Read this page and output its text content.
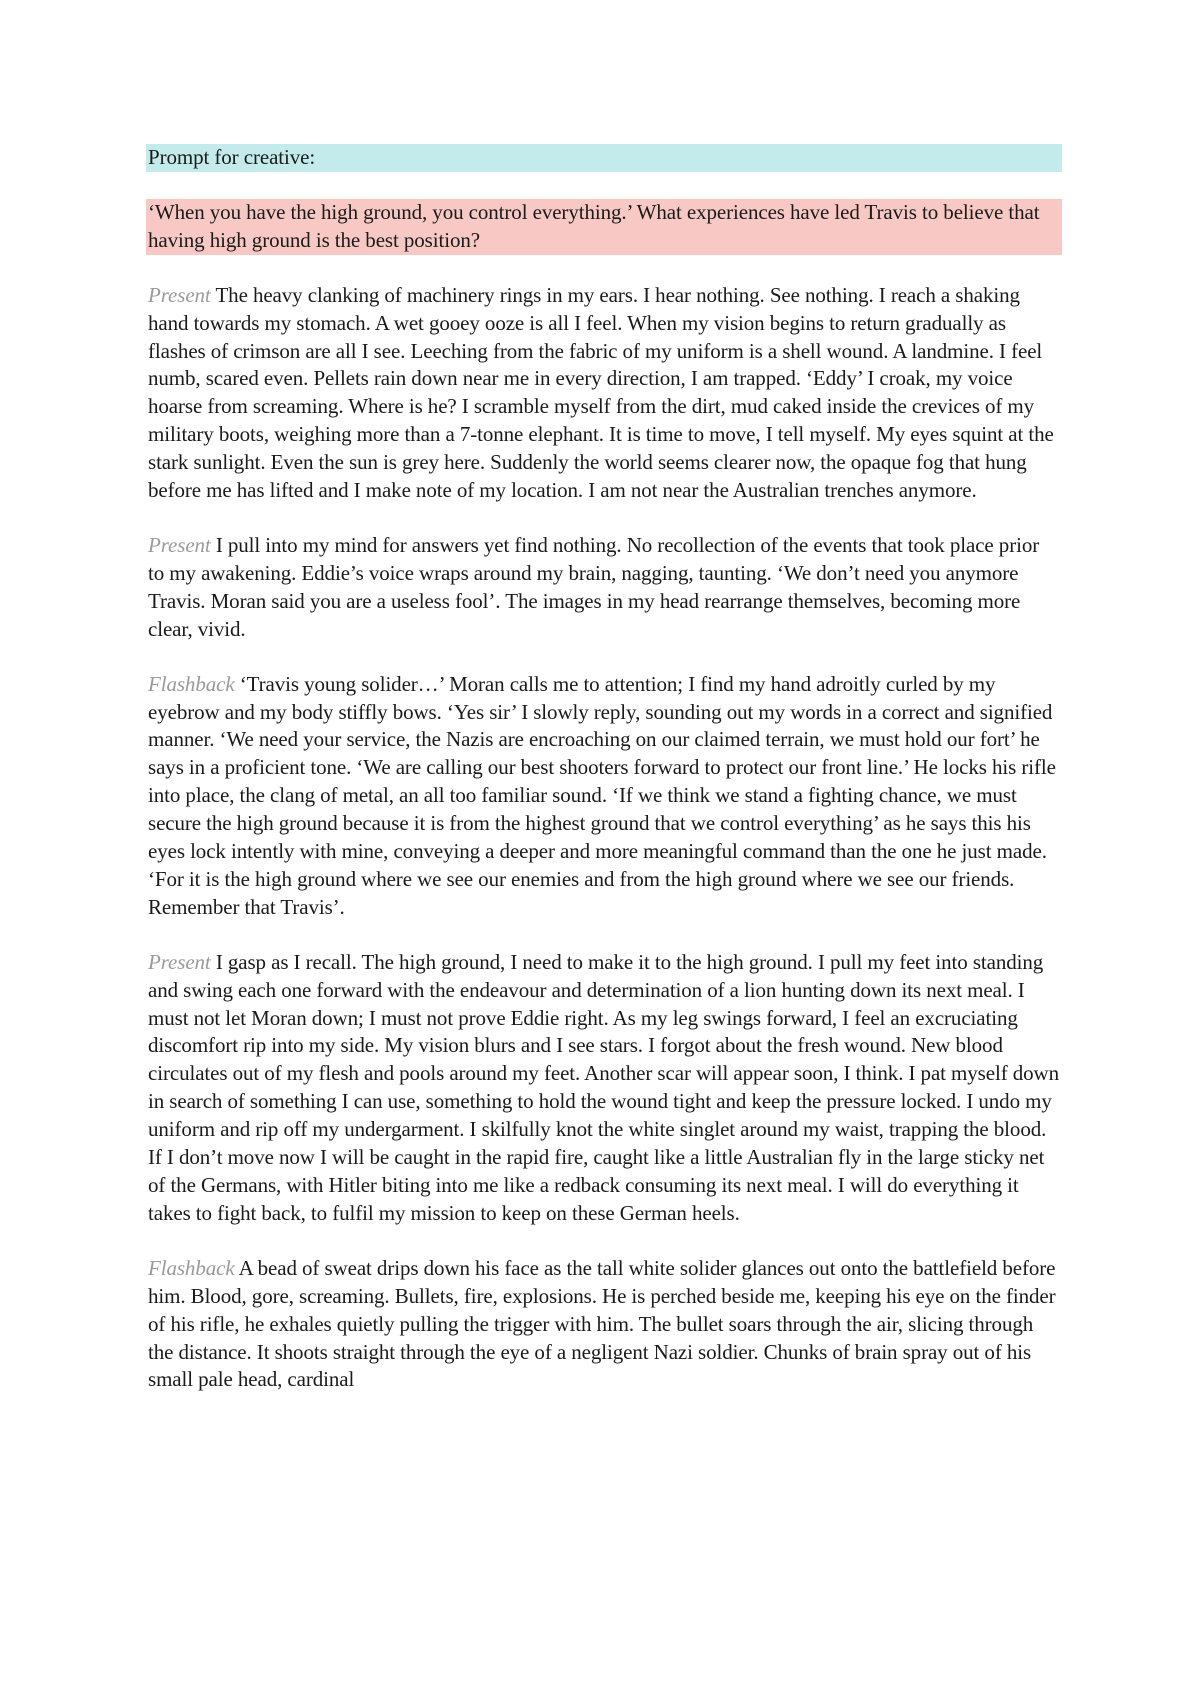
Prompt for creative:

‘When you have the high ground, you control everything.’ What experiences have led Travis to believe that having high ground is the best position?

Present The heavy clanking of machinery rings in my ears. I hear nothing. See nothing. I reach a shaking hand towards my stomach. A wet gooey ooze is all I feel. When my vision begins to return gradually as flashes of crimson are all I see. Leeching from the fabric of my uniform is a shell wound. A landmine. I feel numb, scared even. Pellets rain down near me in every direction, I am trapped. ‘Eddy’ I croak, my voice hoarse from screaming. Where is he? I scramble myself from the dirt, mud caked inside the crevices of my military boots, weighing more than a 7-tonne elephant. It is time to move, I tell myself. My eyes squint at the stark sunlight. Even the sun is grey here. Suddenly the world seems clearer now, the opaque fog that hung before me has lifted and I make note of my location. I am not near the Australian trenches anymore.

Present I pull into my mind for answers yet find nothing. No recollection of the events that took place prior to my awakening. Eddie’s voice wraps around my brain, nagging, taunting. ‘We don’t need you anymore Travis. Moran said you are a useless fool’. The images in my head rearrange themselves, becoming more clear, vivid.

Flashback ‘Travis young solider…’ Moran calls me to attention; I find my hand adroitly curled by my eyebrow and my body stiffly bows. ‘Yes sir’ I slowly reply, sounding out my words in a correct and signified manner. ‘We need your service, the Nazis are encroaching on our claimed terrain, we must hold our fort’ he says in a proficient tone. ‘We are calling our best shooters forward to protect our front line.’ He locks his rifle into place, the clang of metal, an all too familiar sound. ‘If we think we stand a fighting chance, we must secure the high ground because it is from the highest ground that we control everything’ as he says this his eyes lock intently with mine, conveying a deeper and more meaningful command than the one he just made. ‘For it is the high ground where we see our enemies and from the high ground where we see our friends. Remember that Travis’.

Present I gasp as I recall. The high ground, I need to make it to the high ground. I pull my feet into standing and swing each one forward with the endeavour and determination of a lion hunting down its next meal. I must not let Moran down; I must not prove Eddie right. As my leg swings forward, I feel an excruciating discomfort rip into my side. My vision blurs and I see stars. I forgot about the fresh wound. New blood circulates out of my flesh and pools around my feet. Another scar will appear soon, I think. I pat myself down in search of something I can use, something to hold the wound tight and keep the pressure locked. I undo my uniform and rip off my undergarment. I skilfully knot the white singlet around my waist, trapping the blood. If I don’t move now I will be caught in the rapid fire, caught like a little Australian fly in the large sticky net of the Germans, with Hitler biting into me like a redback consuming its next meal. I will do everything it takes to fight back, to fulfil my mission to keep on these German heels.

Flashback A bead of sweat drips down his face as the tall white solider glances out onto the battlefield before him. Blood, gore, screaming. Bullets, fire, explosions. He is perched beside me, keeping his eye on the finder of his rifle, he exhales quietly pulling the trigger with him. The bullet soars through the air, slicing through the distance. It shoots straight through the eye of a negligent Nazi soldier. Chunks of brain spray out of his small pale head, cardinal
